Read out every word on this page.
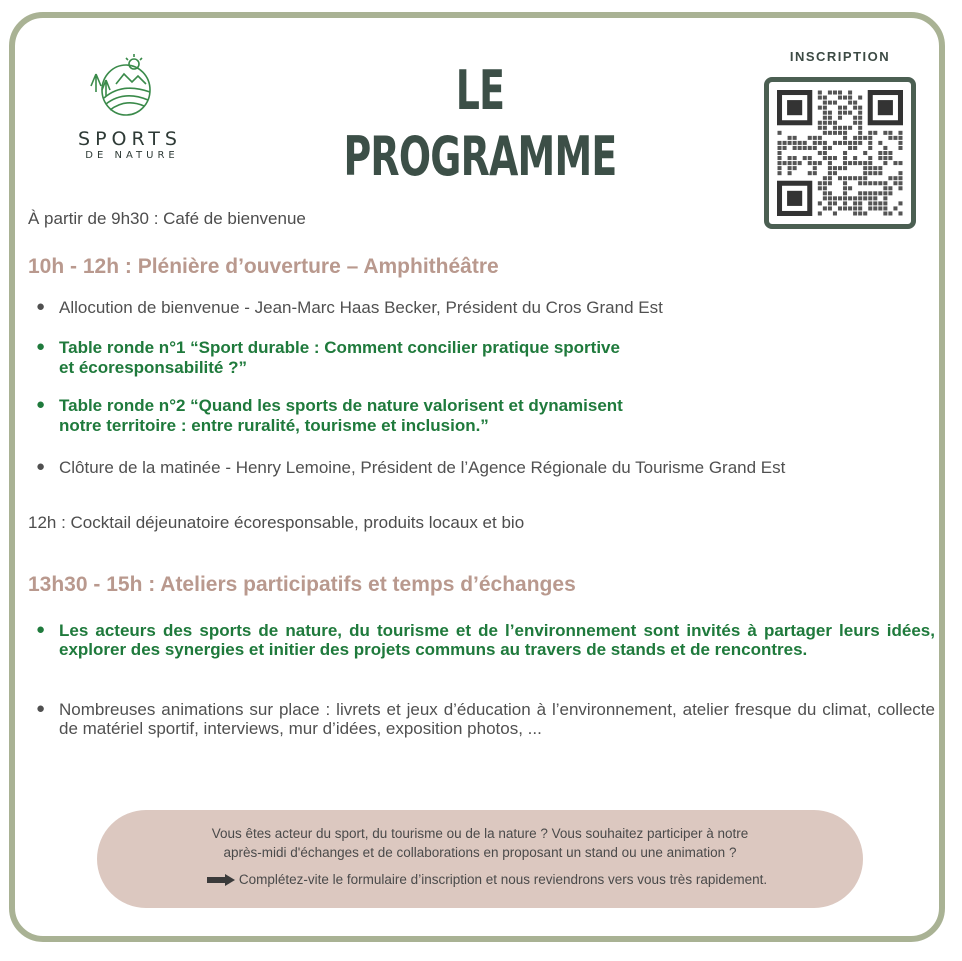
SPORTS
DE NATURE
LE PROGRAMME
INSCRIPTION
À partir de 9h30 : Café de bienvenue
10h - 12h : Plénière d’ouverture – Amphithéâtre
● Allocution de bienvenue - Jean-Marc Haas Becker, Président du Cros Grand Est
● Table ronde n°1 “Sport durable : Comment concilier pratique sportive
et écoresponsabilité ?”
● Table ronde n°2 “Quand les sports de nature valorisent et dynamisent
notre territoire : entre ruralité, tourisme et inclusion.”
● Clôture de la matinée - Henry Lemoine, Président de l’Agence Régionale du Tourisme Grand Est
12h : Cocktail déjeunatoire écoresponsable, produits locaux et bio
13h30 - 15h : Ateliers participatifs et temps d’échanges
● Les acteurs des sports de nature, du tourisme et de l’environnement sont invités à partager leurs idées, explorer des synergies et initier des projets communs au travers de stands et de rencontres.
● Nombreuses animations sur place : livrets et jeux d’éducation à l’environnement, atelier fresque du climat, collecte de matériel sportif, interviews, mur d’idées, exposition photos, ...
Vous êtes acteur du sport, du tourisme ou de la nature ? Vous souhaitez participer à notre
après-midi d'échanges et de collaborations en proposant un stand ou une animation ?
Complétez-vite le formulaire d’inscription et nous reviendrons vers vous très rapidement.
